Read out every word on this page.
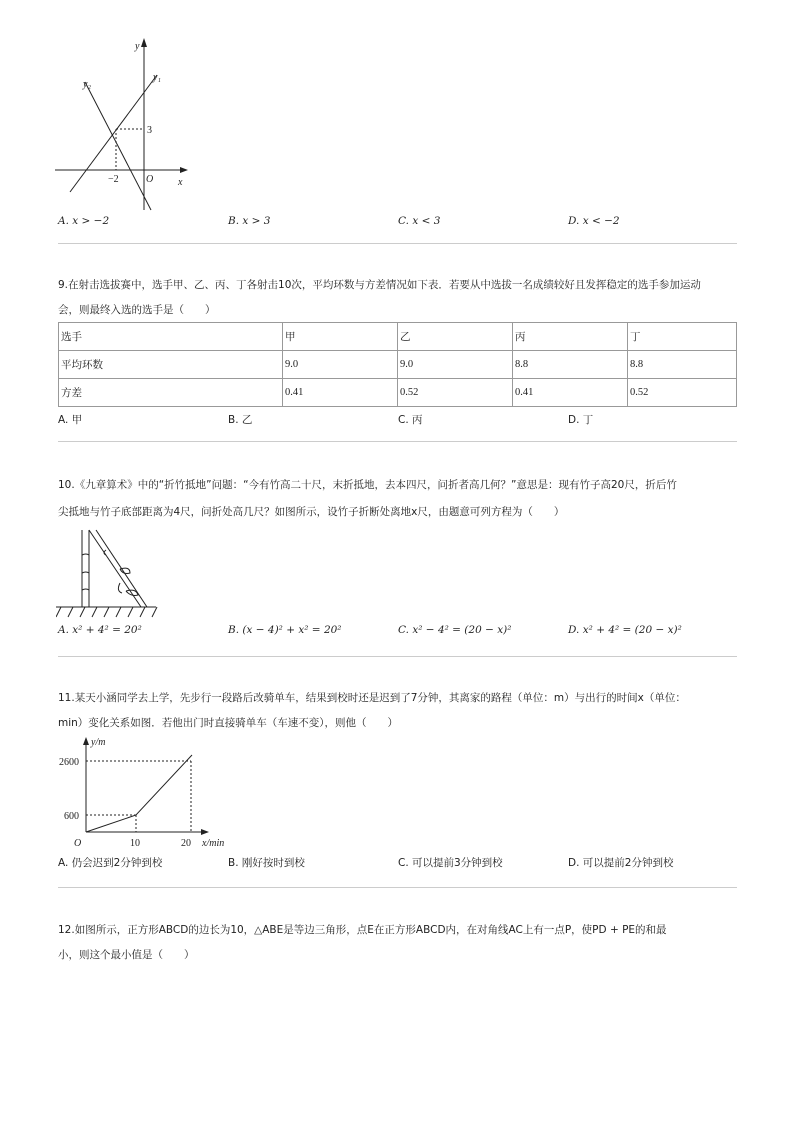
y
x
O
y₁
y₂
3
−2
A. x > −2	B. x > 3	C. x < 3	D. x < −2
9.在射击选拔赛中，选手甲、乙、丙、丁各射击10次，平均环数与方差情况如下表．若要从中选拔一名成绩较好且发挥稳定的选手参加运动
会，则最终入选的选手是（　　）
选手	甲	乙	丙	丁
平均环数	9.0	9.0	8.8	8.8
方差	0.41	0.52	0.41	0.52
A. 甲	B. 乙	C. 丙	D. 丁
10.《九章算术》中的“折竹抵地”问题：“今有竹高二十尺，末折抵地，去本四尺，问折者高几何？”意思是：现有竹子高20尺，折后竹
尖抵地与竹子底部距离为4尺，问折处高几尺？如图所示，设竹子折断处离地x尺，由题意可列方程为（　　）
A. x² + 4² = 20²	B. (x − 4)² + x² = 20²	C. x² − 4² = (20 − x)²	D. x² + 4² = (20 − x)²
11.某天小涵同学去上学，先步行一段路后改骑单车，结果到校时还是迟到了7分钟，其离家的路程（单位：m）与出行的时间x（单位：
min）变化关系如图．若他出门时直接骑单车（车速不变），则他（　　）
y/m
x/min
O
2600
600
10	20
A. 仍会迟到2分钟到校	B. 刚好按时到校	C. 可以提前3分钟到校	D. 可以提前2分钟到校
12.如图所示，正方形ABCD的边长为10，△ABE是等边三角形，点E在正方形ABCD内，在对角线AC上有一点P，使PD + PE的和最
小，则这个最小值是（　　）
